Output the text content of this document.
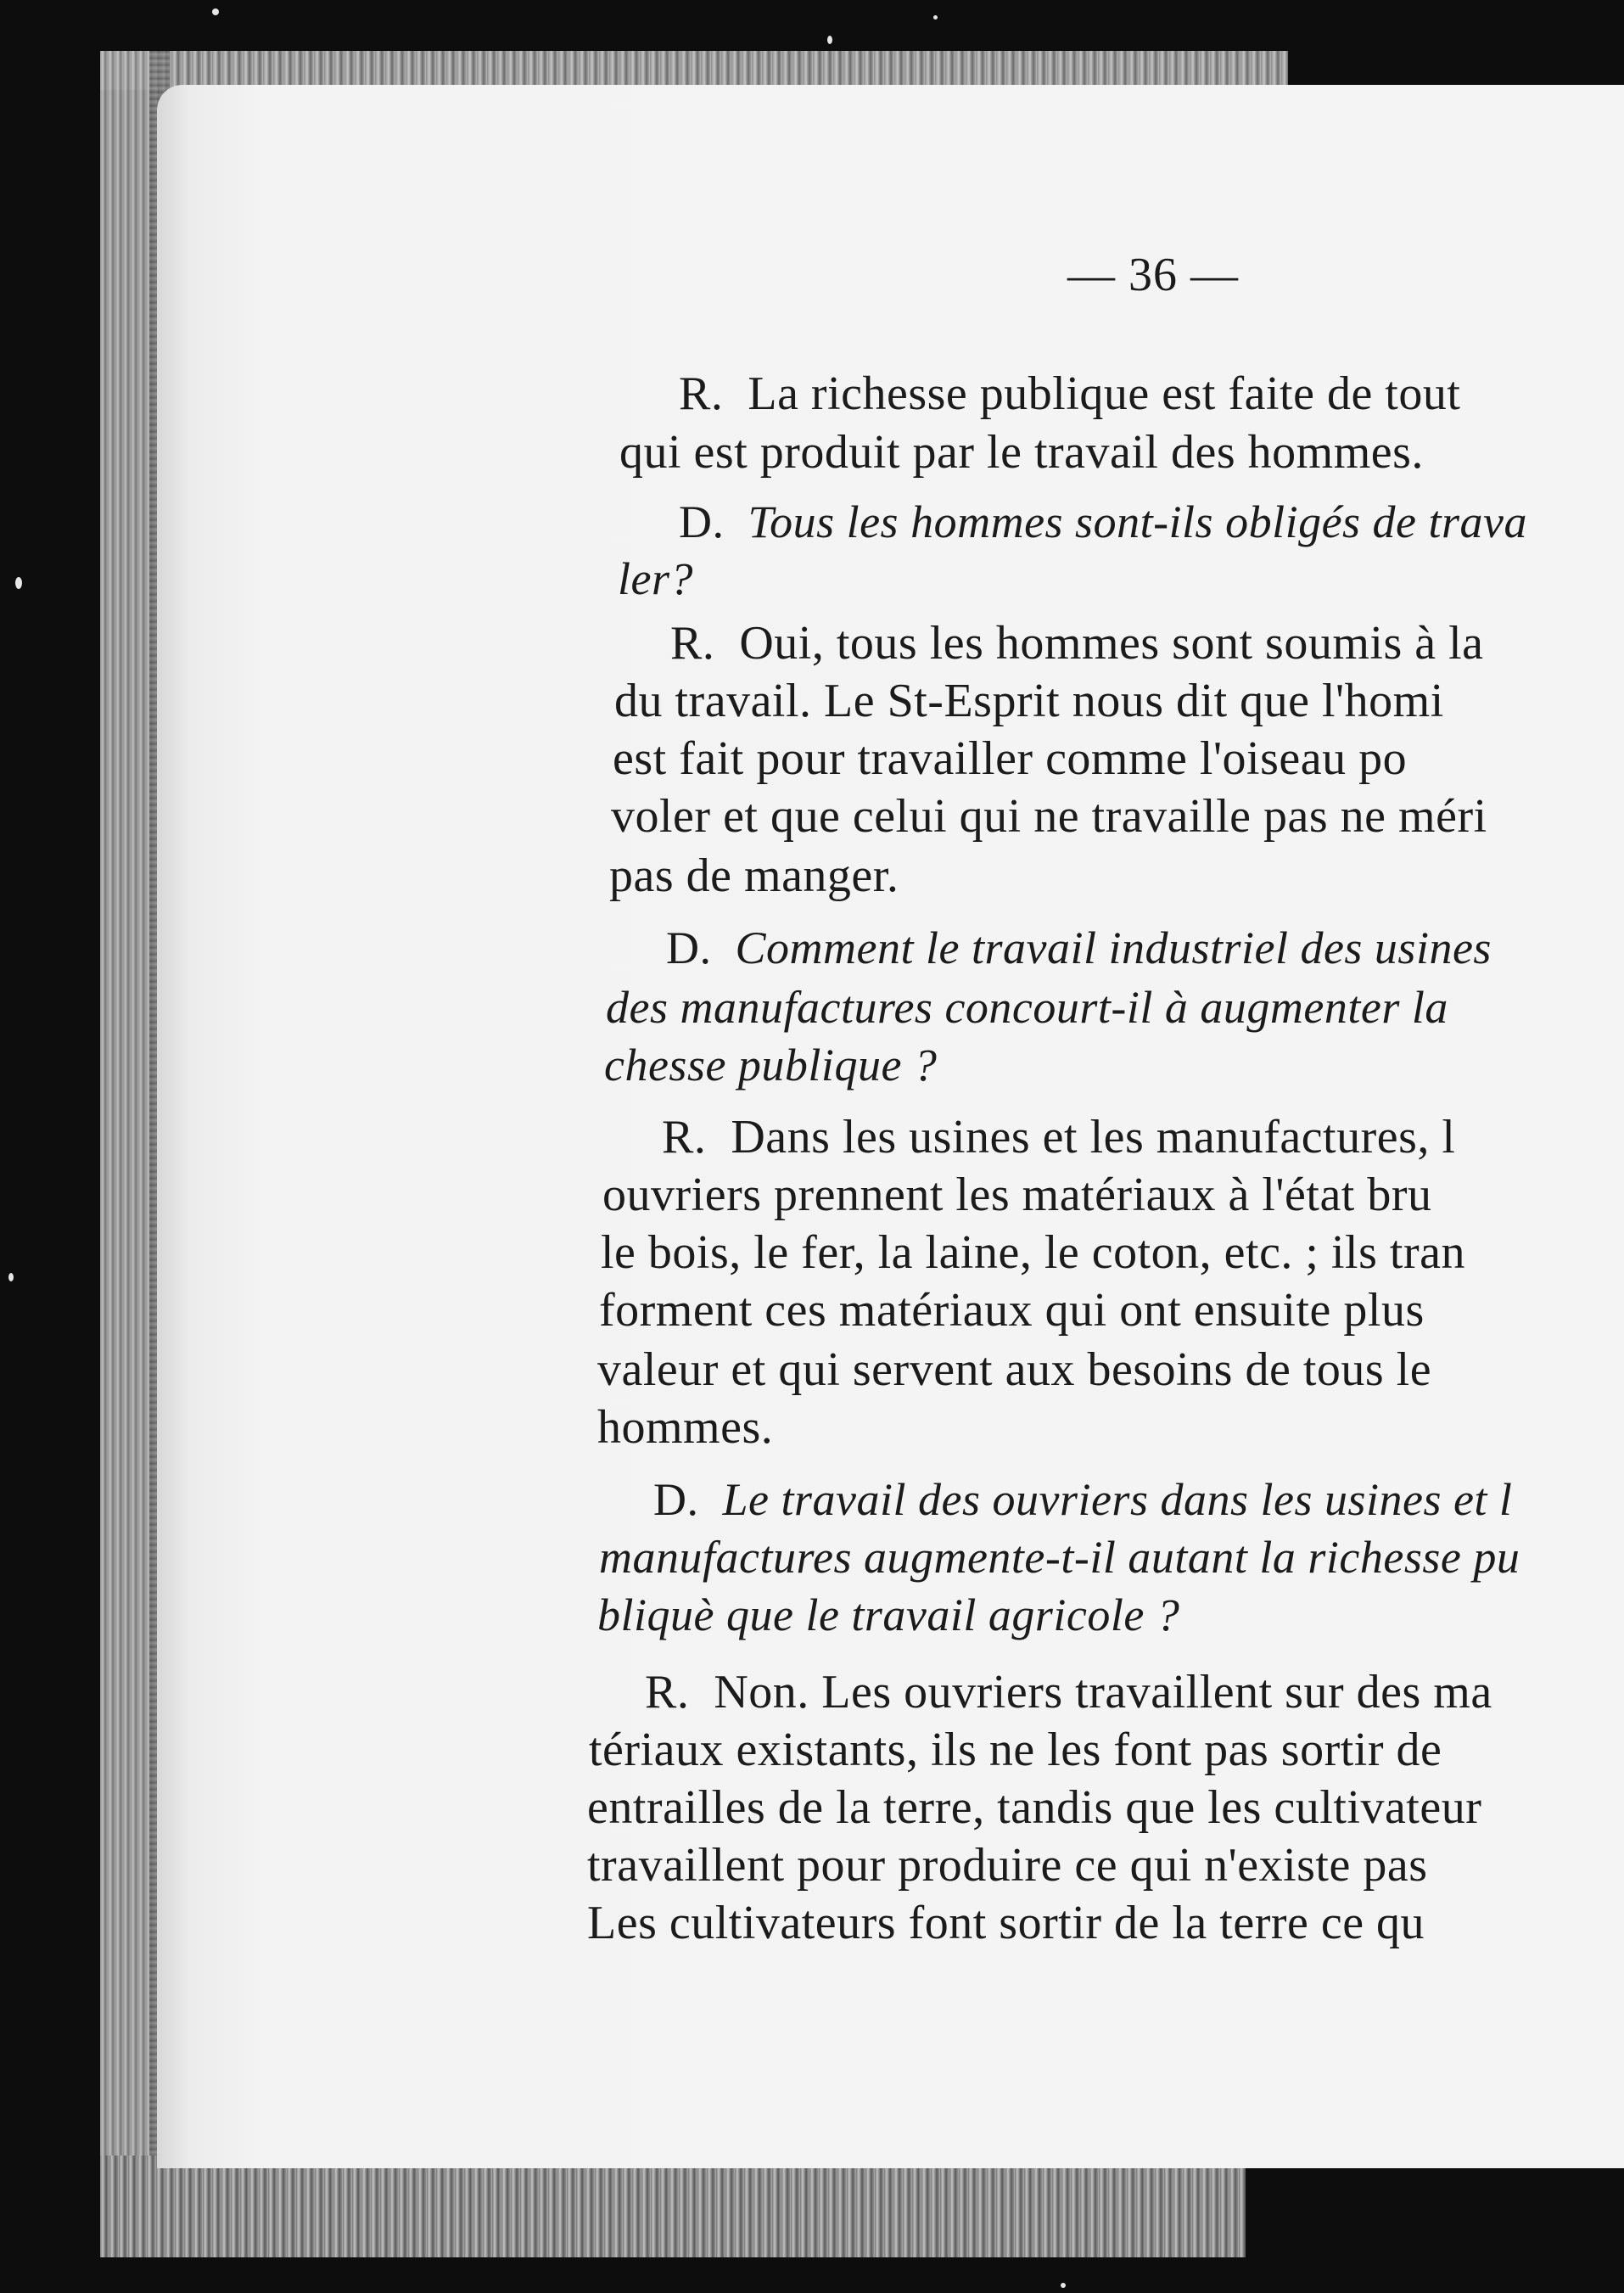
— 36 —
R. La richesse publique est faite de tout
qui est produit par le travail des hommes.
D. Tous les hommes sont-ils obligés de trava
ler?
R. Oui, tous les hommes sont soumis à la
du travail. Le St-Esprit nous dit que l'homi
est fait pour travailler comme l'oiseau po
voler et que celui qui ne travaille pas ne méri
pas de manger.
D. Comment le travail industriel des usines
des manufactures concourt-il à augmenter la
chesse publique ?
R. Dans les usines et les manufactures, l
ouvriers prennent les matériaux à l'état bru
le bois, le fer, la laine, le coton, etc. ; ils tran
forment ces matériaux qui ont ensuite plus
valeur et qui servent aux besoins de tous le
hommes.
D. Le travail des ouvriers dans les usines et l
manufactures augmente-t-il autant la richesse pu
bliquè que le travail agricole ?
R. Non. Les ouvriers travaillent sur des ma
tériaux existants, ils ne les font pas sortir de
entrailles de la terre, tandis que les cultivateur
travaillent pour produire ce qui n'existe pas
Les cultivateurs font sortir de la terre ce qu
